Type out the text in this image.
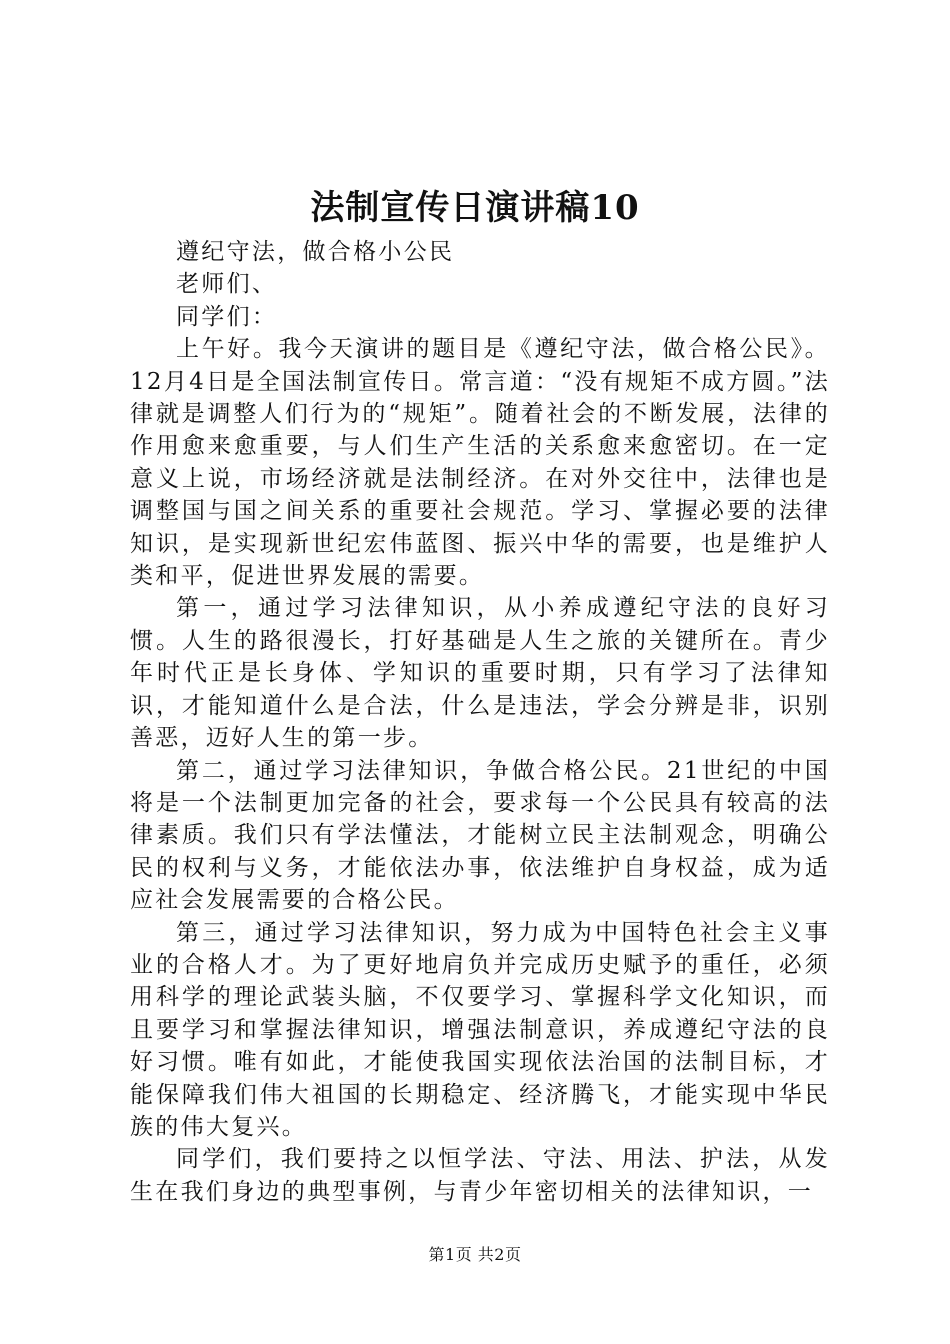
法制宣传日演讲稿10

遵纪守法，做合格小公民

老师们、

同学们：

上午好。我今天演讲的题目是《遵纪守法，做合格公民》。12月4日是全国法制宣传日。常言道：“没有规矩不成方圆。”法律就是调整人们行为的“规矩”。随着社会的不断发展，法律的作用愈来愈重要，与人们生产生活的关系愈来愈密切。在一定意义上说，市场经济就是法制经济。在对外交往中，法律也是调整国与国之间关系的重要社会规范。学习、掌握必要的法律知识，是实现新世纪宏伟蓝图、振兴中华的需要，也是维护人类和平，促进世界发展的需要。

第一，通过学习法律知识，从小养成遵纪守法的良好习惯。人生的路很漫长，打好基础是人生之旅的关键所在。青少年时代正是长身体、学知识的重要时期，只有学习了法律知识，才能知道什么是合法，什么是违法，学会分辨是非，识别善恶，迈好人生的第一步。

第二，通过学习法律知识，争做合格公民。21世纪的中国将是一个法制更加完备的社会，要求每一个公民具有较高的法律素质。我们只有学法懂法，才能树立民主法制观念，明确公民的权利与义务，才能依法办事，依法维护自身权益，成为适应社会发展需要的合格公民。

第三，通过学习法律知识，努力成为中国特色社会主义事业的合格人才。为了更好地肩负并完成历史赋予的重任，必须用科学的理论武装头脑，不仅要学习、掌握科学文化知识，而且要学习和掌握法律知识，增强法制意识，养成遵纪守法的良好习惯。唯有如此，才能使我国实现依法治国的法制目标，才能保障我们伟大祖国的长期稳定、经济腾飞，才能实现中华民族的伟大复兴。

同学们，我们要持之以恒学法、守法、用法、护法，从发生在我们身边的典型事例，与青少年密切相关的法律知识，一

第1页 共2页
